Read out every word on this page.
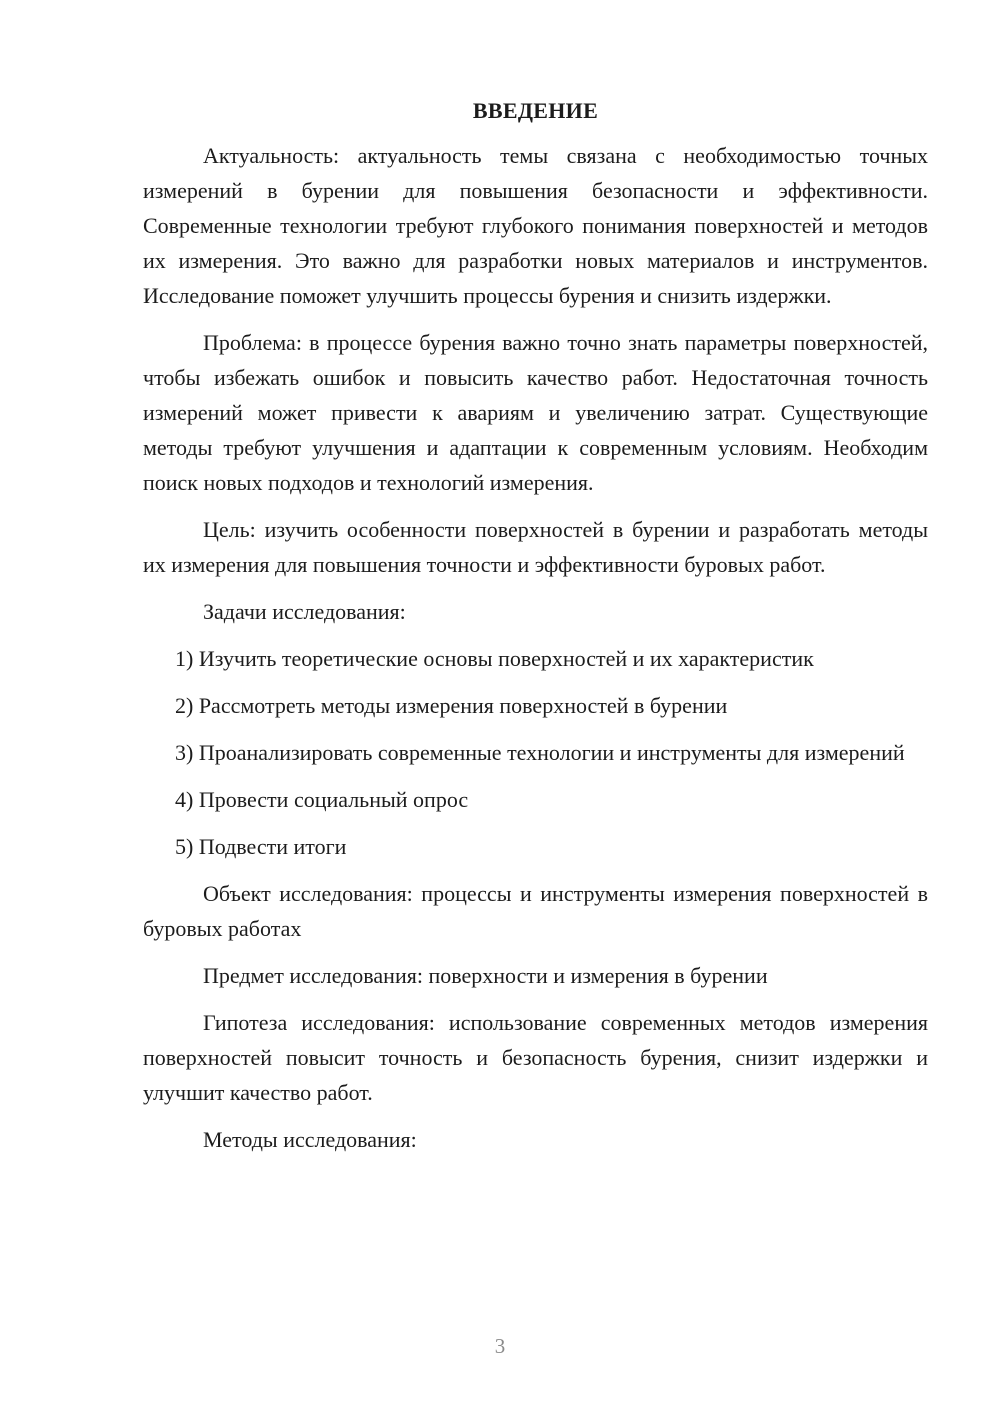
ВВЕДЕНИЕ

Актуальность: актуальность темы связана с необходимостью точных измерений в бурении для повышения безопасности и эффективности. Современные технологии требуют глубокого понимания поверхностей и методов их измерения. Это важно для разработки новых материалов и инструментов. Исследование поможет улучшить процессы бурения и снизить издержки.

Проблема: в процессе бурения важно точно знать параметры поверхностей, чтобы избежать ошибок и повысить качество работ. Недостаточная точность измерений может привести к авариям и увеличению затрат. Существующие методы требуют улучшения и адаптации к современным условиям. Необходим поиск новых подходов и технологий измерения.

Цель: изучить особенности поверхностей в бурении и разработать методы их измерения для повышения точности и эффективности буровых работ.

Задачи исследования:

1) Изучить теоретические основы поверхностей и их характеристик

2) Рассмотреть методы измерения поверхностей в бурении

3) Проанализировать современные технологии и инструменты для измерений

4) Провести социальный опрос

5) Подвести итоги

Объект исследования: процессы и инструменты измерения поверхностей в буровых работах

Предмет исследования: поверхности и измерения в бурении

Гипотеза исследования: использование современных методов измерения поверхностей повысит точность и безопасность бурения, снизит издержки и улучшит качество работ.

Методы исследования:

3
